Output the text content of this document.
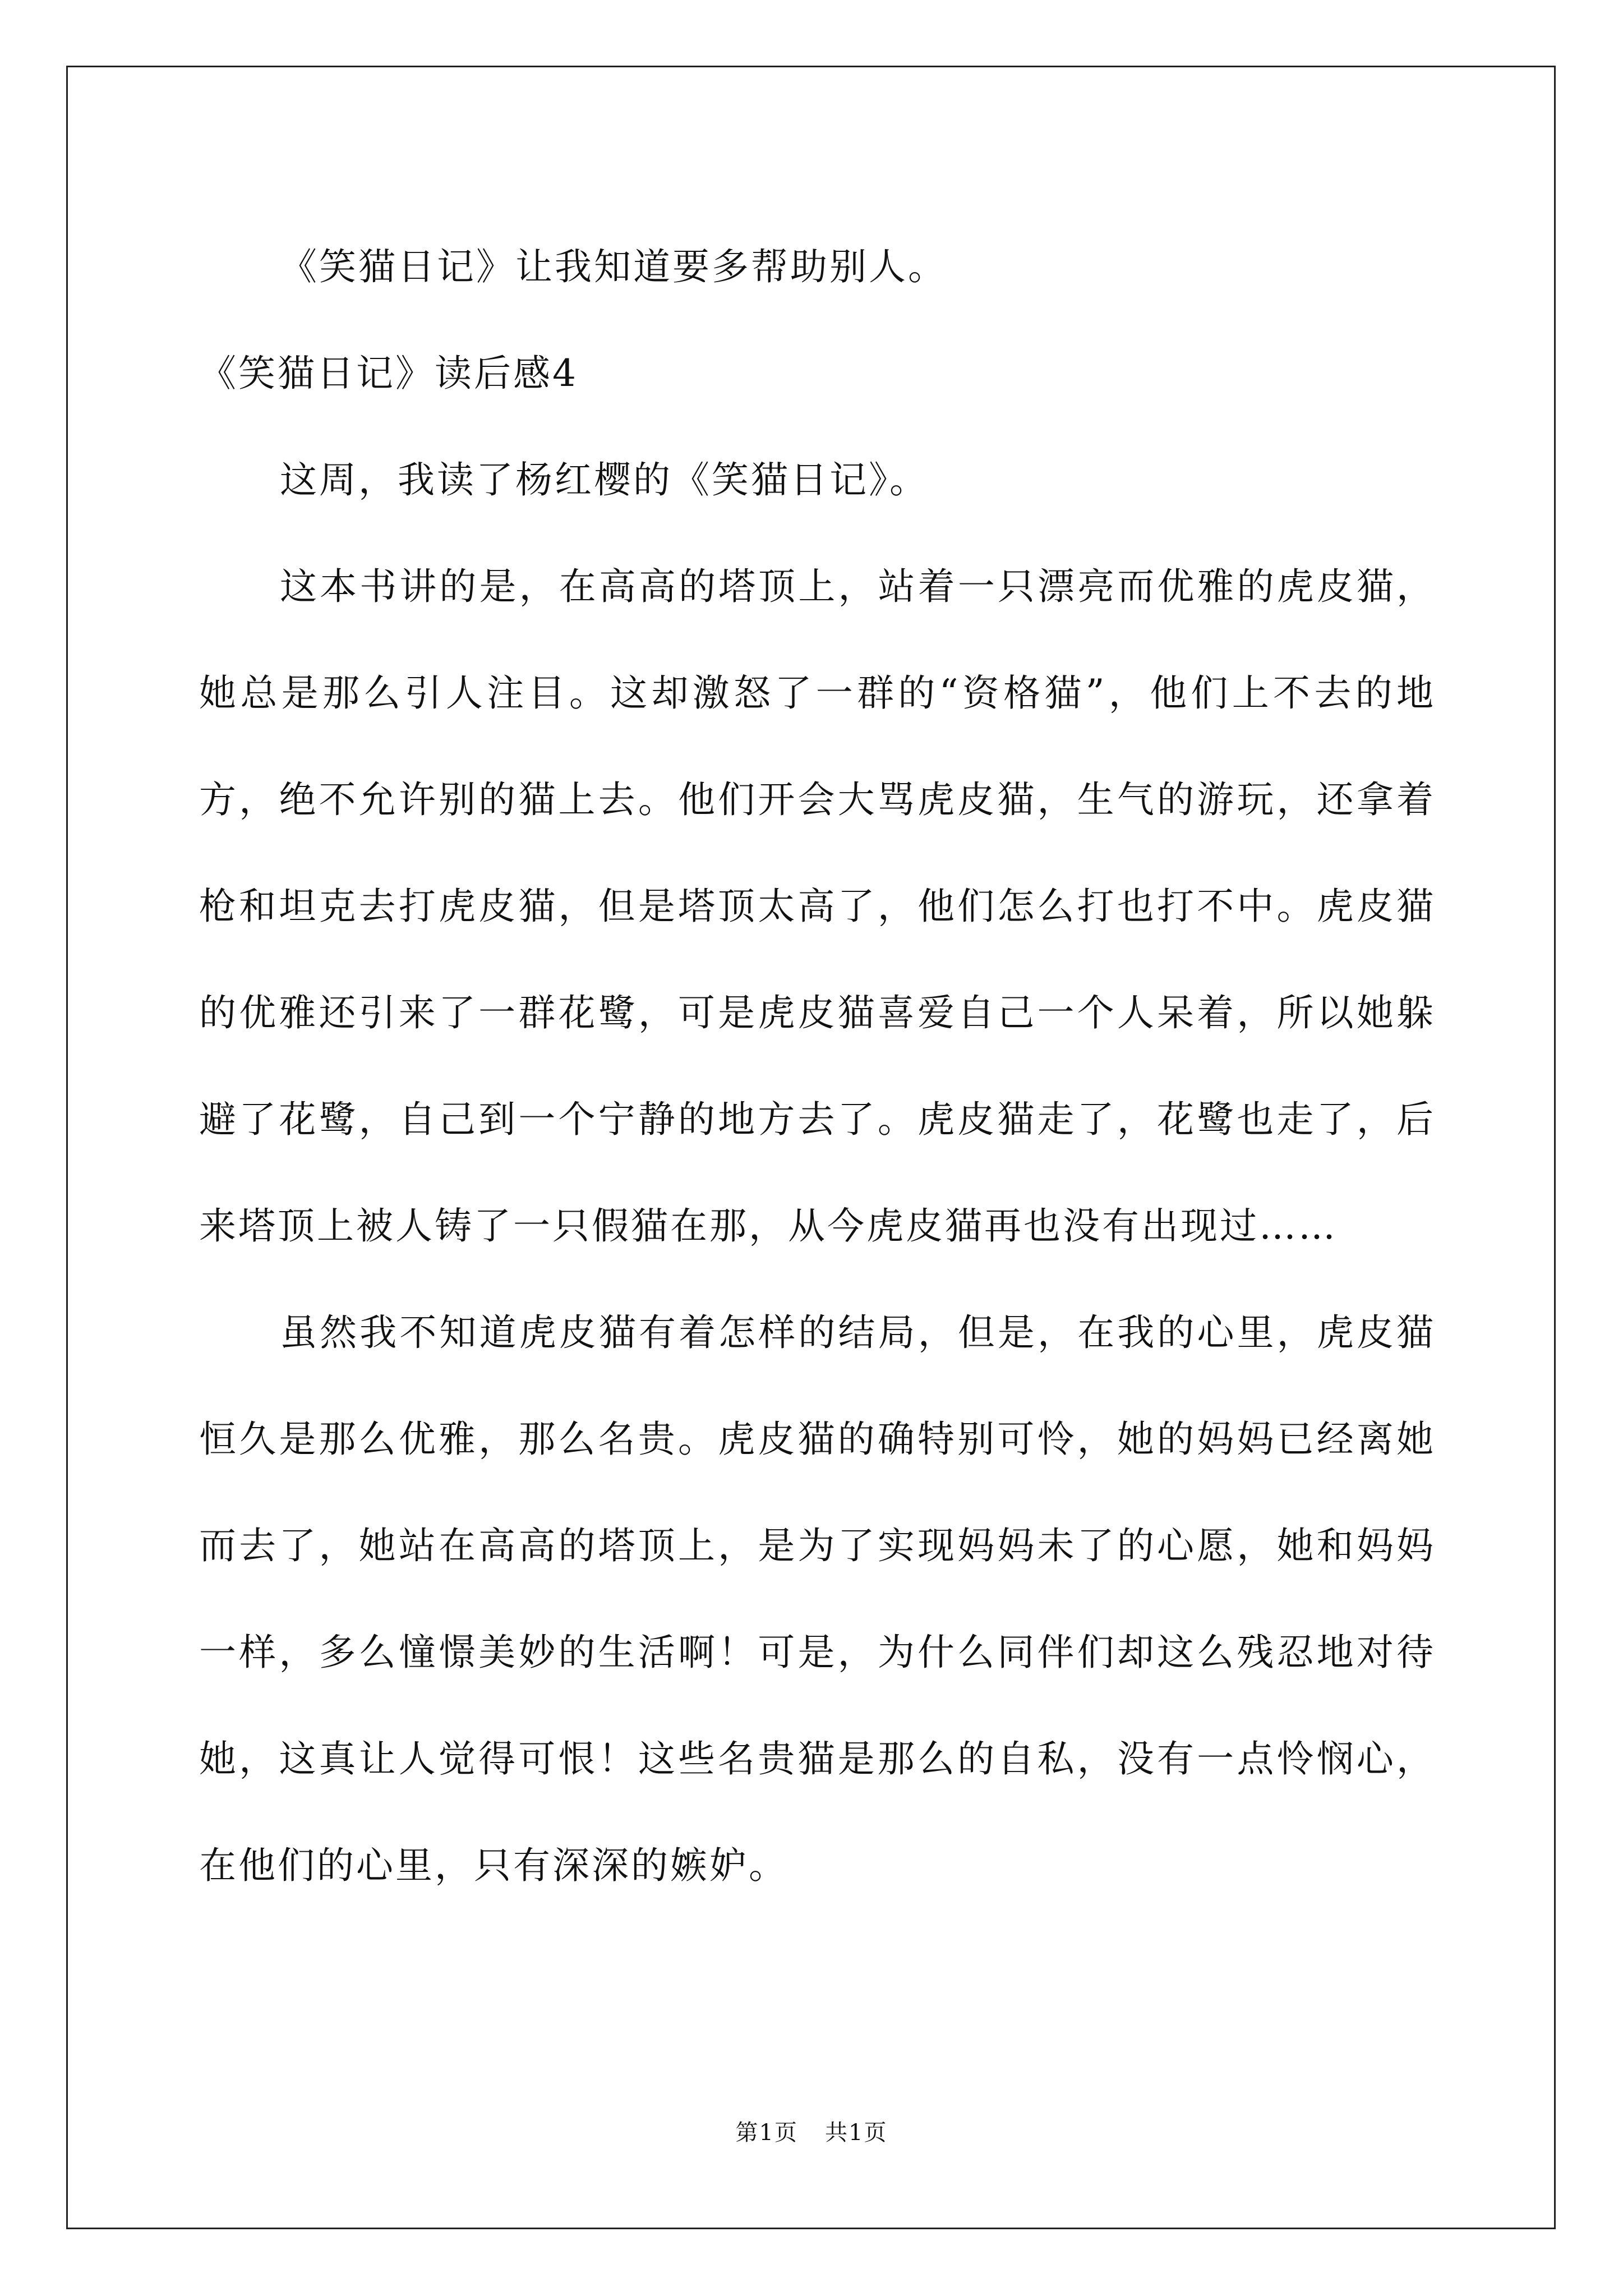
《笑猫日记》让我知道要多帮助别人。

《笑猫日记》读后感4

这周，我读了杨红樱的《笑猫日记》。

这本书讲的是，在高高的塔顶上，站着一只漂亮而优雅的虎皮猫，她总是那么引人注目。这却激怒了一群的“资格猫”，他们上不去的地方，绝不允许别的猫上去。他们开会大骂虎皮猫，生气的游玩，还拿着枪和坦克去打虎皮猫，但是塔顶太高了，他们怎么打也打不中。虎皮猫的优雅还引来了一群花鹭，可是虎皮猫喜爱自己一个人呆着，所以她躲避了花鹭，自己到一个宁静的地方去了。虎皮猫走了，花鹭也走了，后来塔顶上被人铸了一只假猫在那，从今虎皮猫再也没有出现过……

虽然我不知道虎皮猫有着怎样的结局，但是，在我的心里，虎皮猫恒久是那么优雅，那么名贵。虎皮猫的确特别可怜，她的妈妈已经离她而去了，她站在高高的塔顶上，是为了实现妈妈未了的心愿，她和妈妈一样，多么憧憬美妙的生活啊！可是，为什么同伴们却这么残忍地对待她，这真让人觉得可恨！这些名贵猫是那么的自私，没有一点怜悯心，在他们的心里，只有深深的嫉妒。

第1页 共1页
